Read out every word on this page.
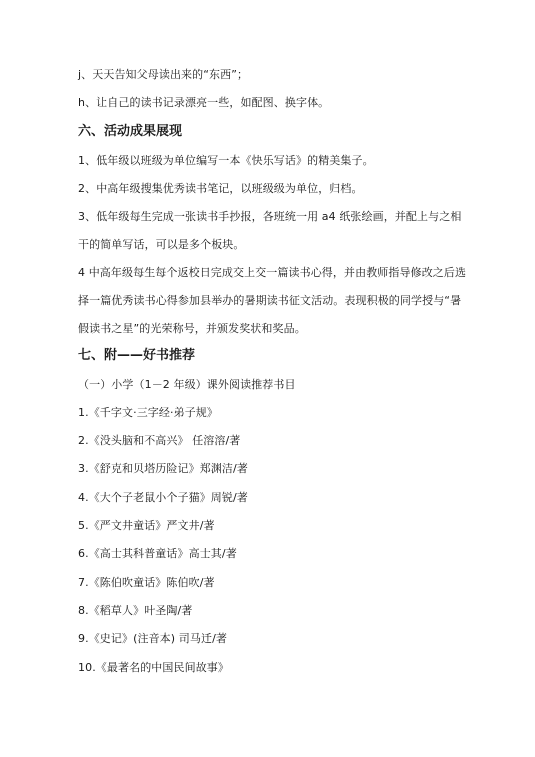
j、天天告知父母读出来的“东西”；
h、让自己的读书记录漂亮一些，如配图、换字体。
六、活动成果展现
1、低年级以班级为单位编写一本《快乐写话》的精美集子。
2、中高年级搜集优秀读书笔记，以班级级为单位，归档。
3、低年级每生完成一张读书手抄报，各班统一用 a4 纸张绘画，并配上与之相
干的简单写话，可以是多个板块。
4 中高年级每生每个返校日完成交上交一篇读书心得，并由教师指导修改之后选
择一篇优秀读书心得参加县举办的暑期读书征文活动。表现积极的同学授与“暑
假读书之星”的光荣称号，并颁发奖状和奖品。
七、附——好书推荐
（一）小学（1－2 年级）课外阅读推荐书目
1.《千字文·三字经·弟子规》
2.《没头脑和不高兴》 任溶溶/著
3.《舒克和贝塔历险记》郑渊洁/著
4.《大个子老鼠小个子猫》周锐/著
5.《严文井童话》严文井/著
6.《高士其科普童话》高士其/著
7.《陈伯吹童话》陈伯吹/著
8.《稻草人》叶圣陶/著
9.《史记》(注音本) 司马迁/著
10.《最著名的中国民间故事》
